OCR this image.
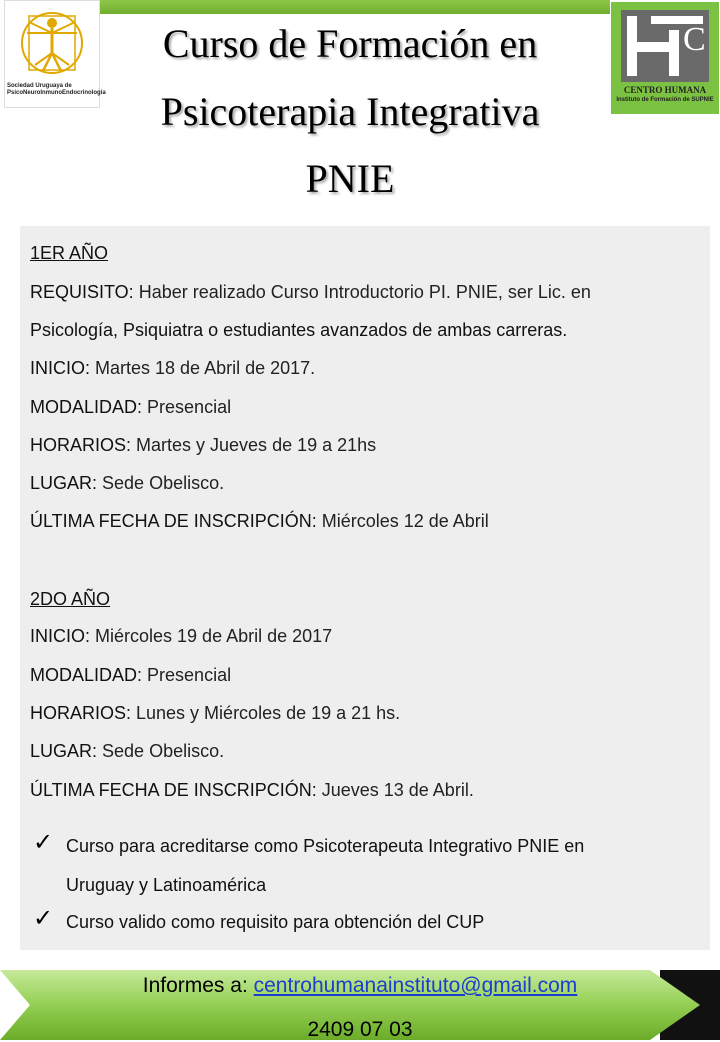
Sociedad Uruguaya de PsicoNeuroInmunoEndocrinología
C
CENTRO HUMANA
Instituto de Formación de SUPNIE
Curso de Formación en
Psicoterapia Integrativa
PNIE
1ER AÑO
REQUISITO: Haber realizado Curso Introductorio PI. PNIE, ser Lic. en
Psicología, Psiquiatra o estudiantes avanzados de ambas carreras.
INICIO: Martes 18 de Abril de 2017.
MODALIDAD: Presencial
HORARIOS: Martes y Jueves de 19 a 21hs
LUGAR: Sede Obelisco.
ÚLTIMA FECHA DE INSCRIPCIÓN: Miércoles 12 de Abril
2DO AÑO
INICIO: Miércoles 19 de Abril de 2017
MODALIDAD: Presencial
HORARIOS: Lunes y Miércoles de 19 a 21 hs.
LUGAR: Sede Obelisco.
ÚLTIMA FECHA DE INSCRIPCIÓN: Jueves 13 de Abril.
✓ Curso para acreditarse como Psicoterapeuta Integrativo PNIE en
Uruguay y Latinoamérica
✓ Curso valido como requisito para obtención del CUP
Informes a: centrohumanainstituto@gmail.com
2409 07 03
